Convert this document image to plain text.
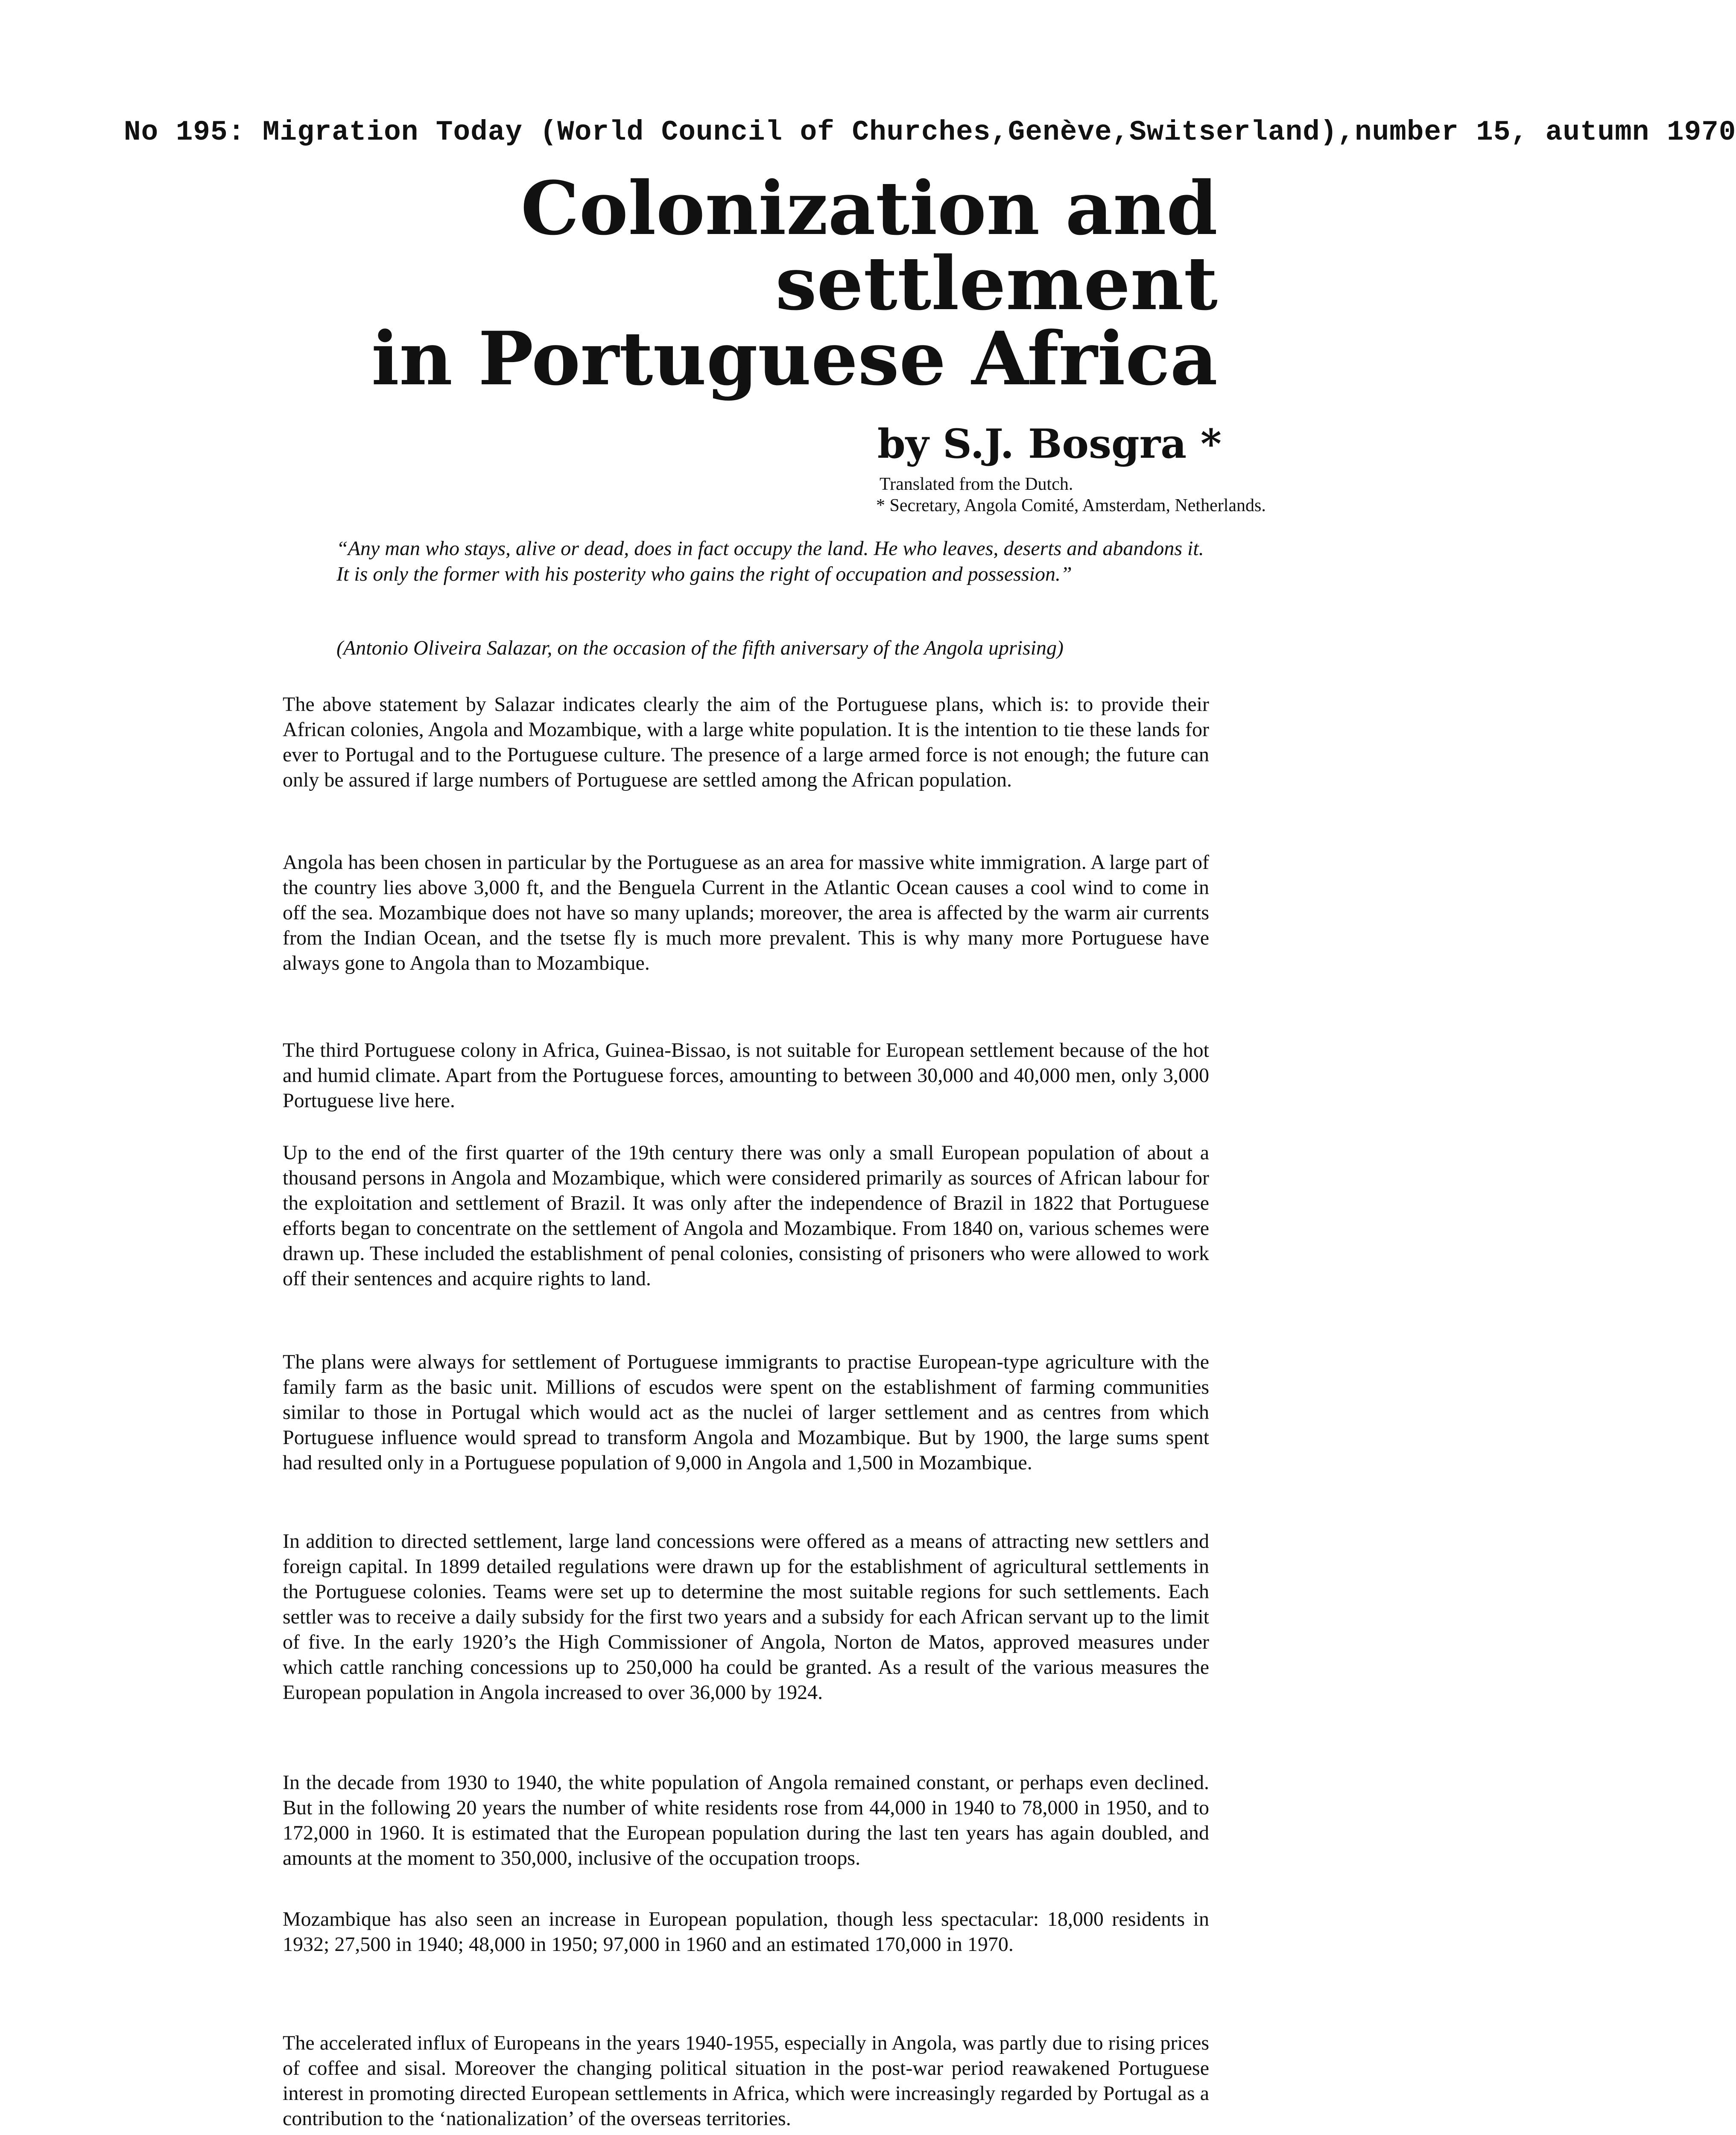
No 195: Migration Today (World Council of Churches,Genève,Switserland),number 15, autumn 1970
Colonization and
settlement
in Portuguese Africa
by S.J. Bosgra *
Translated from the Dutch.
* Secretary, Angola Comité, Amsterdam, Netherlands.
“Any man who stays, alive or dead, does in fact occupy the land. He who leaves, deserts and abandons it. It is only the former with his posterity who gains the right of occupation and possession.”
(Antonio Oliveira Salazar, on the occasion of the fifth aniversary of the Angola uprising)

The above statement by Salazar indicates clearly the aim of the Portuguese plans, which is: to provide their African colonies, Angola and Mozambique, with a large white population. It is the intention to tie these lands for ever to Portugal and to the Portuguese culture. The presence of a large armed force is not enough; the future can only be assured if large numbers of Portuguese are settled among the African population.

Angola has been chosen in particular by the Portuguese as an area for massive white immigration. A large part of the country lies above 3,000 ft, and the Benguela Current in the Atlantic Ocean causes a cool wind to come in off the sea. Mozambique does not have so many uplands; moreover, the area is affected by the warm air currents from the Indian Ocean, and the tsetse fly is much more prevalent. This is why many more Portuguese have always gone to Angola than to Mozambique.

The third Portuguese colony in Africa, Guinea-Bissao, is not suitable for European settlement because of the hot and humid climate. Apart from the Portuguese forces, amounting to between 30,000 and 40,000 men, only 3,000 Portuguese live here.

Up to the end of the first quarter of the 19th century there was only a small European population of about a thousand persons in Angola and Mozambique, which were considered primarily as sources of African labour for the exploitation and settlement of Brazil. It was only after the independence of Brazil in 1822 that Portuguese efforts began to concentrate on the settlement of Angola and Mozambique. From 1840 on, various schemes were drawn up. These included the establishment of penal colonies, consisting of prisoners who were allowed to work off their sentences and acquire rights to land.

The plans were always for settlement of Portuguese immigrants to practise European-type agriculture with the family farm as the basic unit. Millions of escudos were spent on the establishment of farming communities similar to those in Portugal which would act as the nuclei of larger settlement and as centres from which Portuguese influence would spread to transform Angola and Mozambique. But by 1900, the large sums spent had resulted only in a Portuguese population of 9,000 in Angola and 1,500 in Mozambique.

In addition to directed settlement, large land concessions were offered as a means of attracting new settlers and foreign capital. In 1899 detailed regulations were drawn up for the establishment of agricultural settlements in the Portuguese colonies. Teams were set up to determine the most suitable regions for such settlements. Each settler was to receive a daily subsidy for the first two years and a subsidy for each African servant up to the limit of five. In the early 1920’s the High Commissioner of Angola, Norton de Matos, approved measures under which cattle ranching concessions up to 250,000 ha could be granted. As a result of the various measures the European population in Angola increased to over 36,000 by 1924.

In the decade from 1930 to 1940, the white population of Angola remained constant, or perhaps even declined. But in the following 20 years the number of white residents rose from 44,000 in 1940 to 78,000 in 1950, and to 172,000 in 1960. It is estimated that the European population during the last ten years has again doubled, and amounts at the moment to 350,000, inclusive of the occupation troops.

Mozambique has also seen an increase in European population, though less spectacular: 18,000 residents in 1932; 27,500 in 1940; 48,000 in 1950; 97,000 in 1960 and an estimated 170,000 in 1970.

The accelerated influx of Europeans in the years 1940-1955, especially in Angola, was partly due to rising prices of coffee and sisal. Moreover the changing political situation in the post-war period reawakened Portuguese interest in promoting directed European settlements in Africa, which were increasingly regarded by Portugal as a contribution to the ‘nationalization’ of the overseas territories.
